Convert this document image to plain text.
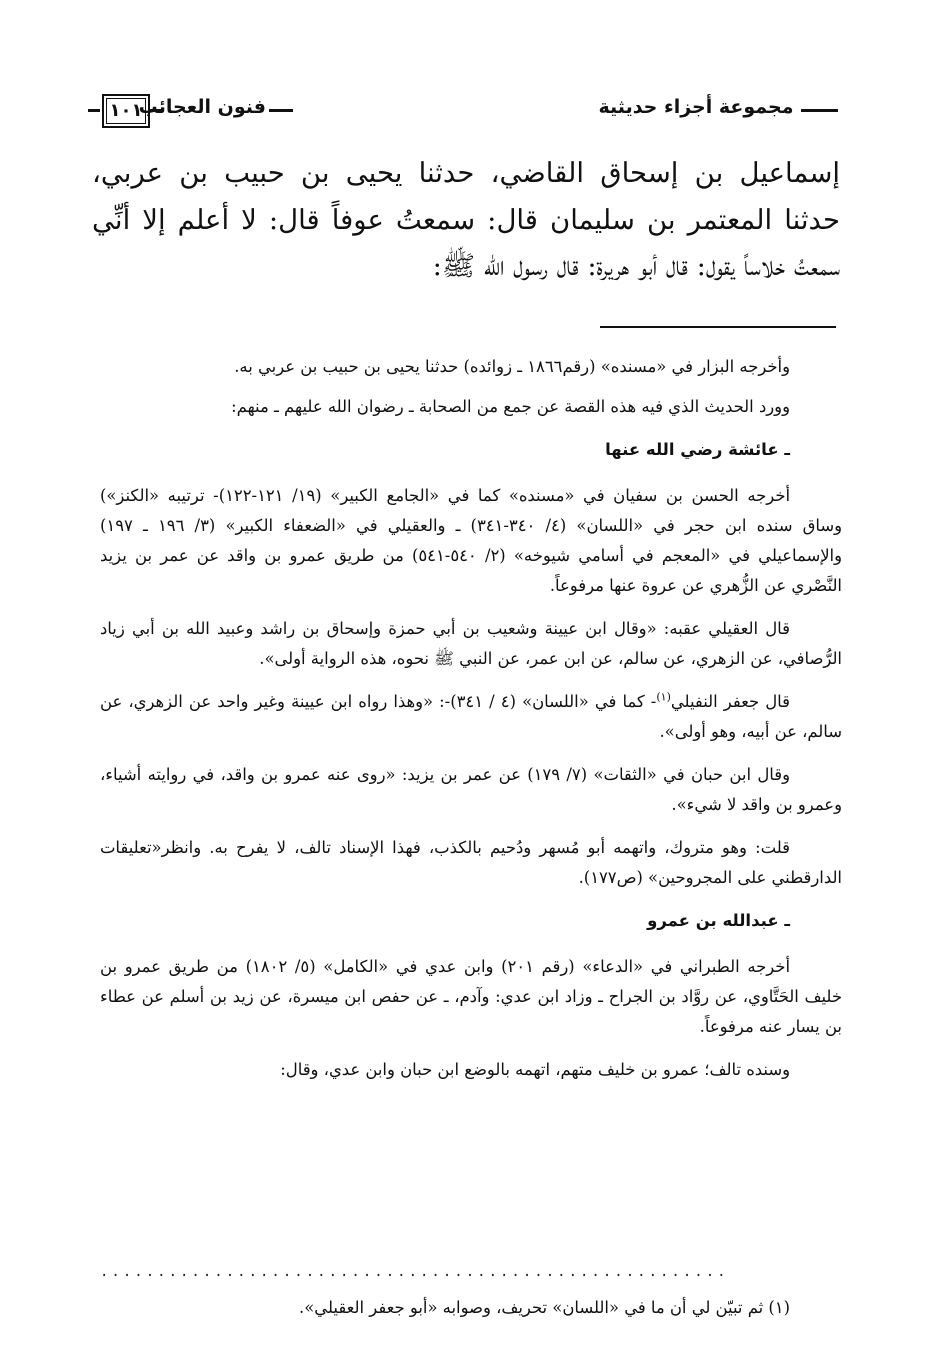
١٠١
فنون العجائب	مجموعة أجزاء حديثية
إسماعيل بن إسحاق القاضي، حدثنا يحيى بن حبيب بن عربي،
حدثنا المعتمر بن سليمان قال: سمعتُ عوفاً قال: لا أعلم إلا أنِّي
سمعتُ خلاساً يقول: قال أبو هريرة: قال رسول الله ﷺ:

وأخرجه البزار في «مسنده» (رقم١٨٦٦ ـ زوائده) حدثنا يحيى بن حبيب بن عربي به.

وورد الحديث الذي فيه هذه القصة عن جمع من الصحابة ـ رضوان الله عليهم ـ منهم:

ـ عائشة رضي الله عنها

أخرجه الحسن بن سفيان في «مسنده» كما في «الجامع الكبير» (١٩/ ١٢١-١٢٢)- ترتيبه «الكنز») وساق سنده ابن حجر في «اللسان» (٤/ ٣٤٠-٣٤١) ـ والعقيلي في «الضعفاء الكبير» (٣/ ١٩٦ ـ ١٩٧) والإسماعيلي في «المعجم في أسامي شيوخه» (٢/ ٥٤٠-٥٤١) من طريق عمرو بن واقد عن عمر بن يزيد النَّصْري عن الزُّهري عن عروة عنها مرفوعاً.

قال العقيلي عقبه: «وقال ابن عيينة وشعيب بن أبي حمزة وإسحاق بن راشد وعبيد الله بن أبي زياد الرُّصافي، عن الزهري، عن سالم، عن ابن عمر، عن النبي ﷺ نحوه، هذه الرواية أولى».

قال جعفر النفيلي$^{(١)}$- كما في «اللسان» (٤ / ٣٤١)-: «وهذا رواه ابن عيينة وغير واحد عن الزهري، عن سالم، عن أبيه، وهو أولى».

وقال ابن حبان في «الثقات» (٧/ ١٧٩) عن عمر بن يزيد: «روى عنه عمرو بن واقد، في روايته أشياء، وعمرو بن واقد لا شيء».

قلت: وهو متروك، واتهمه أبو مُسهر ودُحيم بالكذب، فهذا الإسناد تالف، لا يفرح به. وانظر«تعليقات الدارقطني على المجروحين» (ص١٧٧).

ـ عبدالله بن عمرو

أخرجه الطبراني في «الدعاء» (رقم ٢٠١) وابن عدي في «الكامل» (٥/ ١٨٠٢) من طريق عمرو بن خليف الحَتَّاوي، عن روَّاد بن الجراح ـ وزاد ابن عدي: وآدم، ـ عن حفص ابن ميسرة، عن زيد بن أسلم عن عطاء بن يسار عنه مرفوعاً.

وسنده تالف؛ عمرو بن خليف متهم، اتهمه بالوضع ابن حبان وابن عدي، وقال:

.......................................................
(١) ثم تبيّن لي أن ما في «اللسان» تحريف، وصوابه «أبو جعفر العقيلي».
